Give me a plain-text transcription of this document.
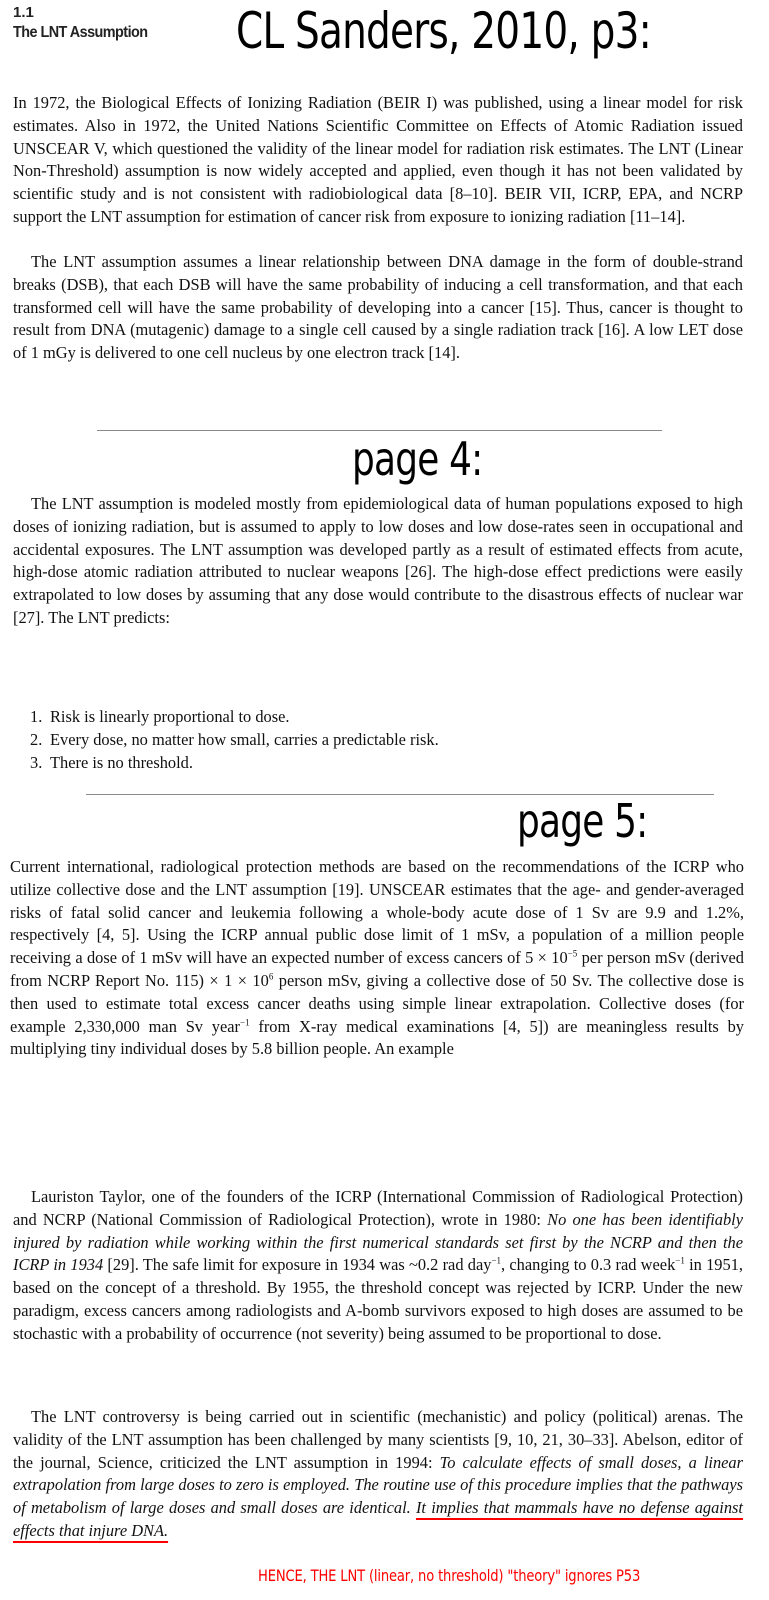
1.1
The LNT Assumption CL Sanders, 2010, p3:
In 1972, the Biological Effects of Ionizing Radiation (BEIR I) was published, using a linear model for risk estimates. Also in 1972, the United Nations Scientific Committee on Effects of Atomic Radiation issued UNSCEAR V, which questioned the validity of the linear model for radiation risk estimates. The LNT (Linear Non-Threshold) assumption is now widely accepted and applied, even though it has not been validated by scientific study and is not consistent with radiobiological data [8–10]. BEIR VII, ICRP, EPA, and NCRP support the LNT assumption for estimation of cancer risk from exposure to ionizing radiation [11–14].
The LNT assumption assumes a linear relationship between DNA damage in the form of double-strand breaks (DSB), that each DSB will have the same probability of inducing a cell transformation, and that each transformed cell will have the same probability of developing into a cancer [15]. Thus, cancer is thought to result from DNA (mutagenic) damage to a single cell caused by a single radiation track [16]. A low LET dose of 1 mGy is delivered to one cell nucleus by one electron track [14].
page 4:
The LNT assumption is modeled mostly from epidemiological data of human populations exposed to high doses of ionizing radiation, but is assumed to apply to low doses and low dose-rates seen in occupational and accidental exposures. The LNT assumption was developed partly as a result of estimated effects from acute, high-dose atomic radiation attributed to nuclear weapons [26]. The high-dose effect predictions were easily extrapolated to low doses by assuming that any dose would contribute to the disastrous effects of nuclear war [27]. The LNT predicts:
1. Risk is linearly proportional to dose.
2. Every dose, no matter how small, carries a predictable risk.
3. There is no threshold.
page 5:
Current international, radiological protection methods are based on the recommendations of the ICRP who utilize collective dose and the LNT assumption [19]. UNSCEAR estimates that the age- and gender-averaged risks of fatal solid cancer and leukemia following a whole-body acute dose of 1 Sv are 9.9 and 1.2%, respectively [4, 5]. Using the ICRP annual public dose limit of 1 mSv, a population of a million people receiving a dose of 1 mSv will have an expected number of excess cancers of $5 \times 10^{-5}$ per person mSv (derived from NCRP Report No. $115) \times 1 \times 10^6$ person mSv, giving a collective dose of 50 Sv. The collective dose is then used to estimate total excess cancer deaths using simple linear extrapolation. Collective doses (for example 2,330,000 man Sv year$^{-1}$ from X-ray medical examinations [4, 5]) are meaningless results by multiplying tiny individual doses by 5.8 billion people. An example
Lauriston Taylor, one of the founders of the ICRP (International Commission of Radiological Protection) and NCRP (National Commission of Radiological Protection), wrote in 1980: No one has been identifiably injured by radiation while working within the first numerical standards set first by the NCRP and then the ICRP in 1934 [29]. The safe limit for exposure in 1934 was ~0.2 rad day$^{-1}$, changing to 0.3 rad week$^{-1}$ in 1951, based on the concept of a threshold. By 1955, the threshold concept was rejected by ICRP. Under the new paradigm, excess cancers among radiologists and A-bomb survivors exposed to high doses are assumed to be stochastic with a probability of occurrence (not severity) being assumed to be proportional to dose.
The LNT controversy is being carried out in scientific (mechanistic) and policy (political) arenas. The validity of the LNT assumption has been challenged by many scientists [9, 10, 21, 30–33]. Abelson, editor of the journal, Science, criticized the LNT assumption in 1994: To calculate effects of small doses, a linear extrapolation from large doses to zero is employed. The routine use of this procedure implies that the pathways of metabolism of large doses and small doses are identical. It implies that mammals have no defense against effects that injure DNA.
HENCE, THE LNT (linear, no threshold) "theory" ignores P53
